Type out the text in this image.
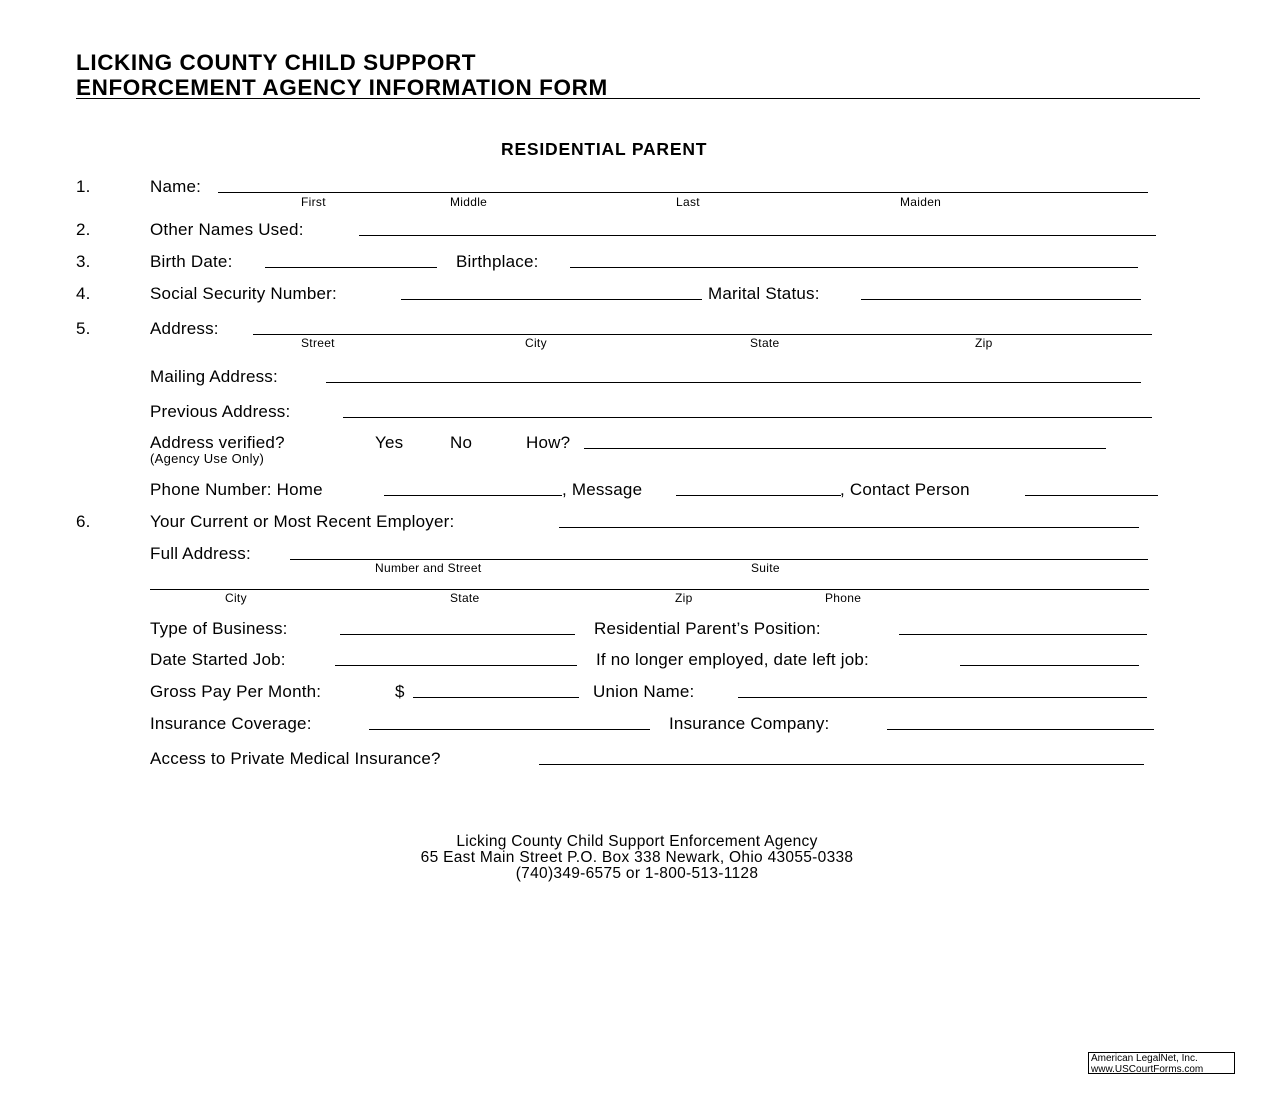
LICKING COUNTY CHILD SUPPORT
ENFORCEMENT AGENCY INFORMATION FORM
RESIDENTIAL PARENT
1.	Name:
First	Middle	Last	Maiden
2.	Other Names Used:
3.	Birth Date:	Birthplace:
4.	Social Security Number:	Marital Status:
5.	Address:
Street	City	State	Zip
Mailing Address:
Previous Address:
Address verified?	Yes	No	How?
(Agency Use Only)
Phone Number: Home	, Message	, Contact Person
6.	Your Current or Most Recent Employer:
Full Address:
Number and Street	Suite
City	State	Zip	Phone
Type of Business:	Residential Parent’s Position:
Date Started Job:	If no longer employed, date left job:
Gross Pay Per Month:	$	Union Name:
Insurance Coverage:	Insurance Company:
Access to Private Medical Insurance?
Licking County Child Support Enforcement Agency
65 East Main Street P.O. Box 338 Newark, Ohio 43055-0338
(740)349-6575 or 1-800-513-1128
American LegalNet, Inc.
www.USCourtForms.com
